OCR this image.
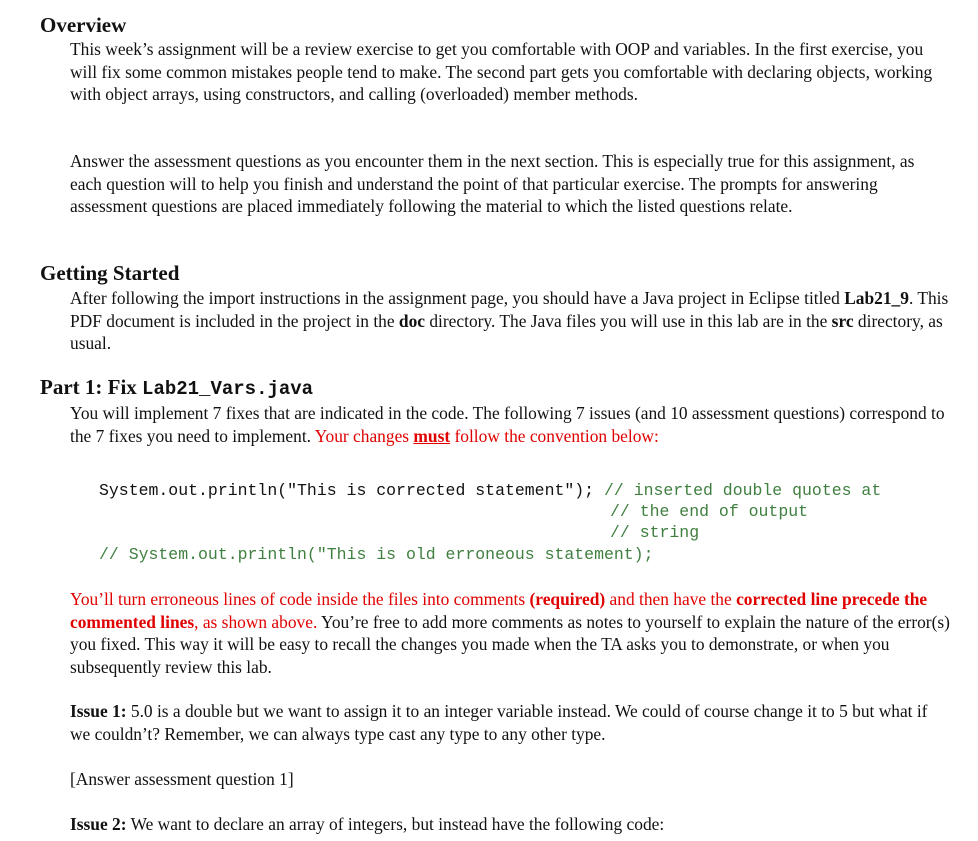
Overview

This week’s assignment will be a review exercise to get you comfortable with OOP and variables. In the first exercise, you will fix some common mistakes people tend to make. The second part gets you comfortable with declaring objects, working with object arrays, using constructors, and calling (overloaded) member methods.

Answer the assessment questions as you encounter them in the next section. This is especially true for this assignment, as each question will to help you finish and understand the point of that particular exercise. The prompts for answering assessment questions are placed immediately following the material to which the listed questions relate.

Getting Started

After following the import instructions in the assignment page, you should have a Java project in Eclipse titled Lab21_9. This PDF document is included in the project in the doc directory. The Java files you will use in this lab are in the src directory, as usual.

Part 1: Fix Lab21_Vars.java

You will implement 7 fixes that are indicated in the code. The following 7 issues (and 10 assessment questions) correspond to the 7 fixes you need to implement. Your changes must follow the convention below:

System.out.println("This is corrected statement"); // inserted double quotes at
// the end of output
// string
// System.out.println("This is old erroneous statement);

You’ll turn erroneous lines of code inside the files into comments (required) and then have the corrected line precede the commented lines, as shown above. You’re free to add more comments as notes to yourself to explain the nature of the error(s) you fixed. This way it will be easy to recall the changes you made when the TA asks you to demonstrate, or when you subsequently review this lab.

Issue 1: 5.0 is a double but we want to assign it to an integer variable instead. We could of course change it to 5 but what if we couldn’t? Remember, we can always type cast any type to any other type.

[Answer assessment question 1]

Issue 2: We want to declare an array of integers, but instead have the following code:
